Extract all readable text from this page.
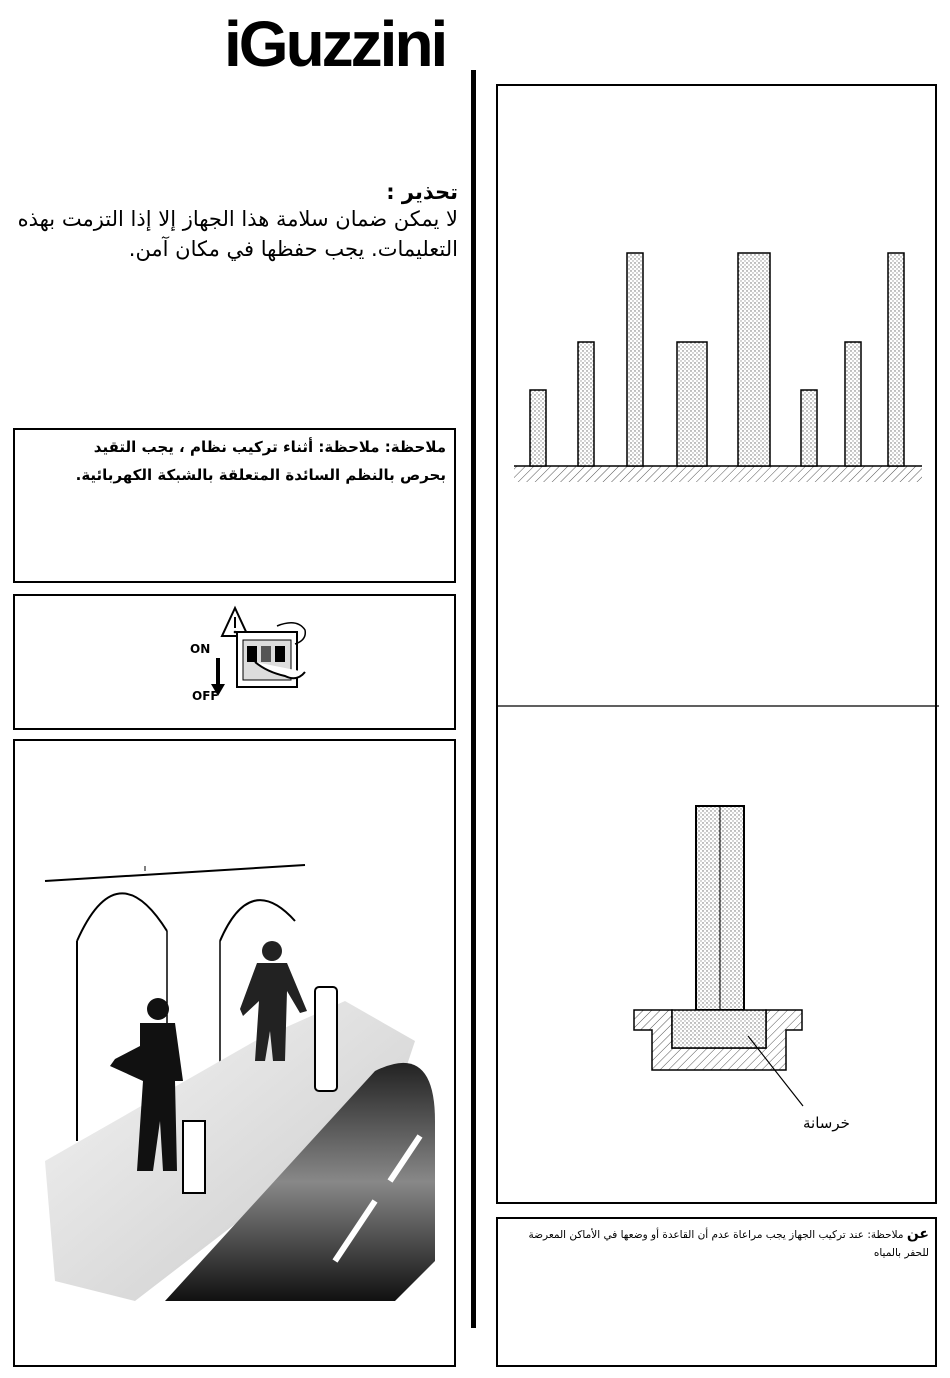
iGuzzini
تحذير :
لا يمكن ضمان سلامة هذا الجهاز إلا إذا التزمت بهذه
التعليمات. يجب حفظها في مكان آمن.
ملاحظة: ملاحظة: أثناء تركيب نظام ، يجب التقيد
بحرص بالنظم السائدة المتعلقة بالشبكة الكهربائية.
ON
OFF
خرسانة
عن ملاحظة: عند تركيب الجهاز يجب مراعاة عدم أن القاعدة أو وضعها في الأماكن المعرضة
للحفر بالمياه
